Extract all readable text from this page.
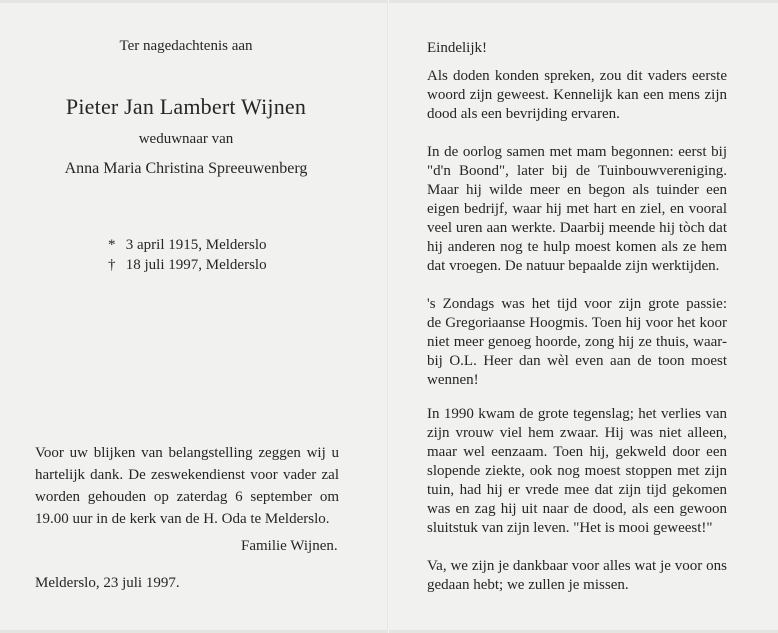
Ter nagedachtenis aan
Pieter Jan Lambert Wijnen
weduwnaar van
Anna Maria Christina Spreeuwenberg
* 3 april 1915, Melderslo
† 18 juli 1997, Melderslo
Voor uw blijken van belangstelling zeggen wij u
hartelijk dank. De zeswekendienst voor vader zal
worden gehouden op zaterdag 6 september om
19.00 uur in de kerk van de H. Oda te Melderslo.
Familie Wijnen.
Melderslo, 23 juli 1997.
Eindelijk!
Als doden konden spreken, zou dit vaders eerste
woord zijn geweest. Kennelijk kan een mens zijn
dood als een bevrijding ervaren.
In de oorlog samen met mam begonnen: eerst bij
"d'n Boond", later bij de Tuinbouwvereniging.
Maar hij wilde meer en begon als tuinder een
eigen bedrijf, waar hij met hart en ziel, en vooral
veel uren aan werkte. Daarbij meende hij tòch dat
hij anderen nog te hulp moest komen als ze hem
dat vroegen. De natuur bepaalde zijn werktijden.
's Zondags was het tijd voor zijn grote passie:
de Gregoriaanse Hoogmis. Toen hij voor het koor
niet meer genoeg hoorde, zong hij ze thuis, waar-
bij O.L. Heer dan wèl even aan de toon moest
wennen!
In 1990 kwam de grote tegenslag; het verlies van
zijn vrouw viel hem zwaar. Hij was niet alleen,
maar wel eenzaam. Toen hij, gekweld door een
slopende ziekte, ook nog moest stoppen met zijn
tuin, had hij er vrede mee dat zijn tijd gekomen
was en zag hij uit naar de dood, als een gewoon
sluitstuk van zijn leven. "Het is mooi geweest!"
Va, we zijn je dankbaar voor alles wat je voor ons
gedaan hebt; we zullen je missen.
